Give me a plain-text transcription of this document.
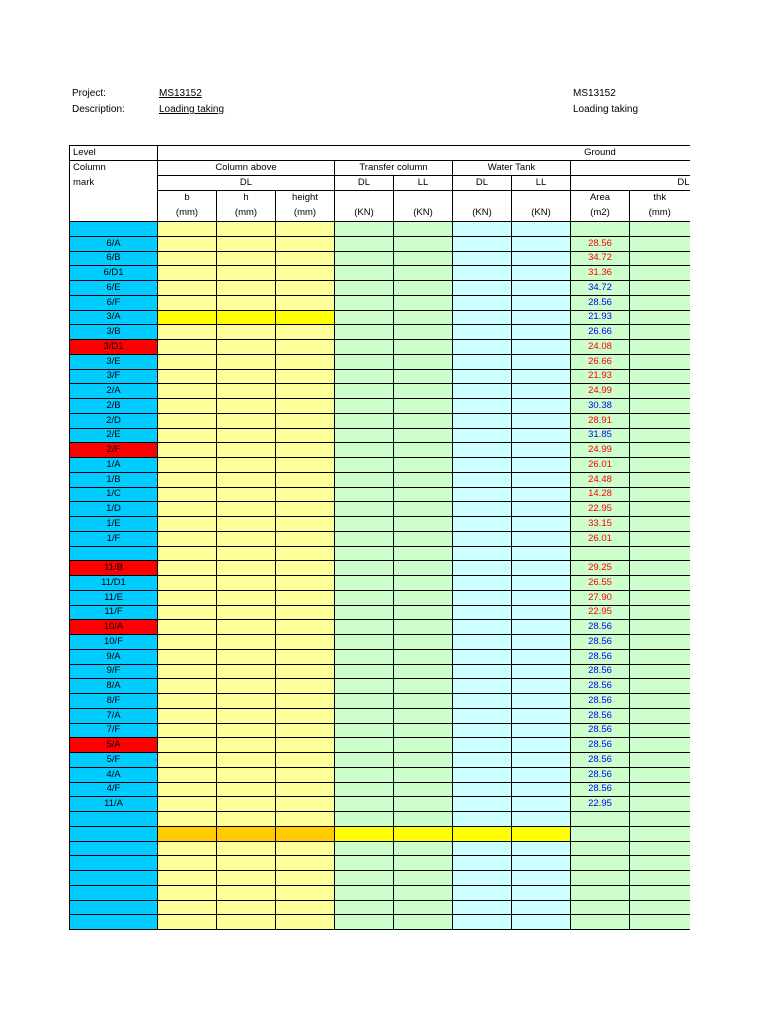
Project:	MS13152
Description:	Loading taking
MS13152
Loading taking
Level								Ground	
Column	Column above			Transfer column		Water Tank			
mark	DL			DL	LL	DL	LL		DL
	b	h	height					Area	thk
	(mm)	(mm)	(mm)	(KN)	(KN)	(KN)	(KN)	(m2)	(mm)

6/A								28.56	
6/B								34.72	
6/D1								31.36	
6/E								34.72	
6/F								28.56	
3/A								21.93	
3/B								26.66	
3/D1								24.08	
3/E								26.66	
3/F								21.93	
2/A								24.99	
2/B								30.38	
2/D								28.91	
2/E								31.85	
2/F								24.99	
1/A								26.01	
1/B								24.48	
1/C								14.28	
1/D								22.95	
1/E								33.15	
1/F								26.01	

11/B								29.25	
11/D1								26.55	
11/E								27.90	
11/F								22.95	
10/A								28.56	
10/F								28.56	
9/A								28.56	
9/F								28.56	
8/A								28.56	
8/F								28.56	
7/A								28.56	
7/F								28.56	
5/A								28.56	
5/F								28.56	
4/A								28.56	
4/F								28.56	
11/A								22.95	
